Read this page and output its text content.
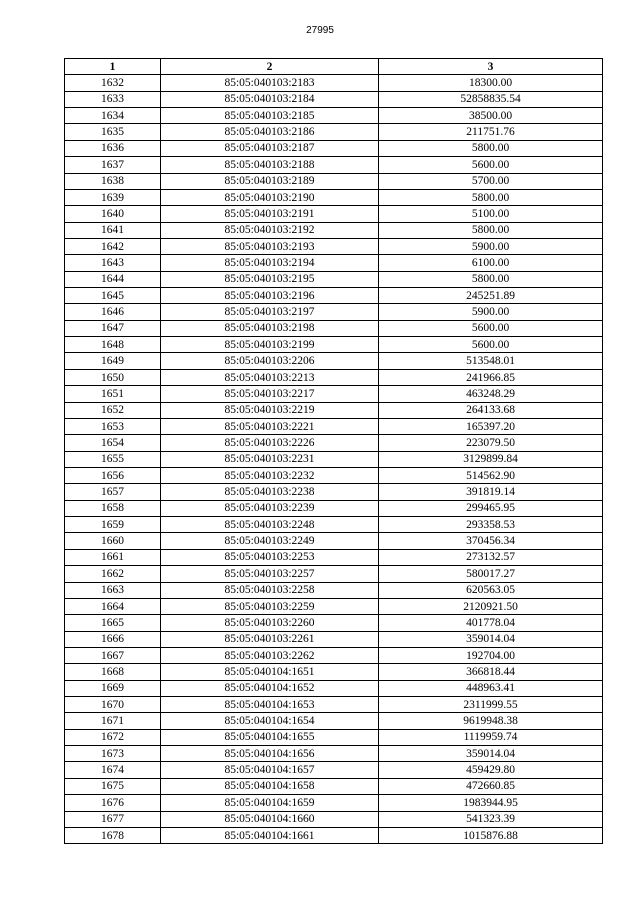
27995
1	2	3
1632	85:05:040103:2183	18300.00
1633	85:05:040103:2184	52858835.54
1634	85:05:040103:2185	38500.00
1635	85:05:040103:2186	211751.76
1636	85:05:040103:2187	5800.00
1637	85:05:040103:2188	5600.00
1638	85:05:040103:2189	5700.00
1639	85:05:040103:2190	5800.00
1640	85:05:040103:2191	5100.00
1641	85:05:040103:2192	5800.00
1642	85:05:040103:2193	5900.00
1643	85:05:040103:2194	6100.00
1644	85:05:040103:2195	5800.00
1645	85:05:040103:2196	245251.89
1646	85:05:040103:2197	5900.00
1647	85:05:040103:2198	5600.00
1648	85:05:040103:2199	5600.00
1649	85:05:040103:2206	513548.01
1650	85:05:040103:2213	241966.85
1651	85:05:040103:2217	463248.29
1652	85:05:040103:2219	264133.68
1653	85:05:040103:2221	165397.20
1654	85:05:040103:2226	223079.50
1655	85:05:040103:2231	3129899.84
1656	85:05:040103:2232	514562.90
1657	85:05:040103:2238	391819.14
1658	85:05:040103:2239	299465.95
1659	85:05:040103:2248	293358.53
1660	85:05:040103:2249	370456.34
1661	85:05:040103:2253	273132.57
1662	85:05:040103:2257	580017.27
1663	85:05:040103:2258	620563.05
1664	85:05:040103:2259	2120921.50
1665	85:05:040103:2260	401778.04
1666	85:05:040103:2261	359014.04
1667	85:05:040103:2262	192704.00
1668	85:05:040104:1651	366818.44
1669	85:05:040104:1652	448963.41
1670	85:05:040104:1653	2311999.55
1671	85:05:040104:1654	9619948.38
1672	85:05:040104:1655	1119959.74
1673	85:05:040104:1656	359014.04
1674	85:05:040104:1657	459429.80
1675	85:05:040104:1658	472660.85
1676	85:05:040104:1659	1983944.95
1677	85:05:040104:1660	541323.39
1678	85:05:040104:1661	1015876.88
